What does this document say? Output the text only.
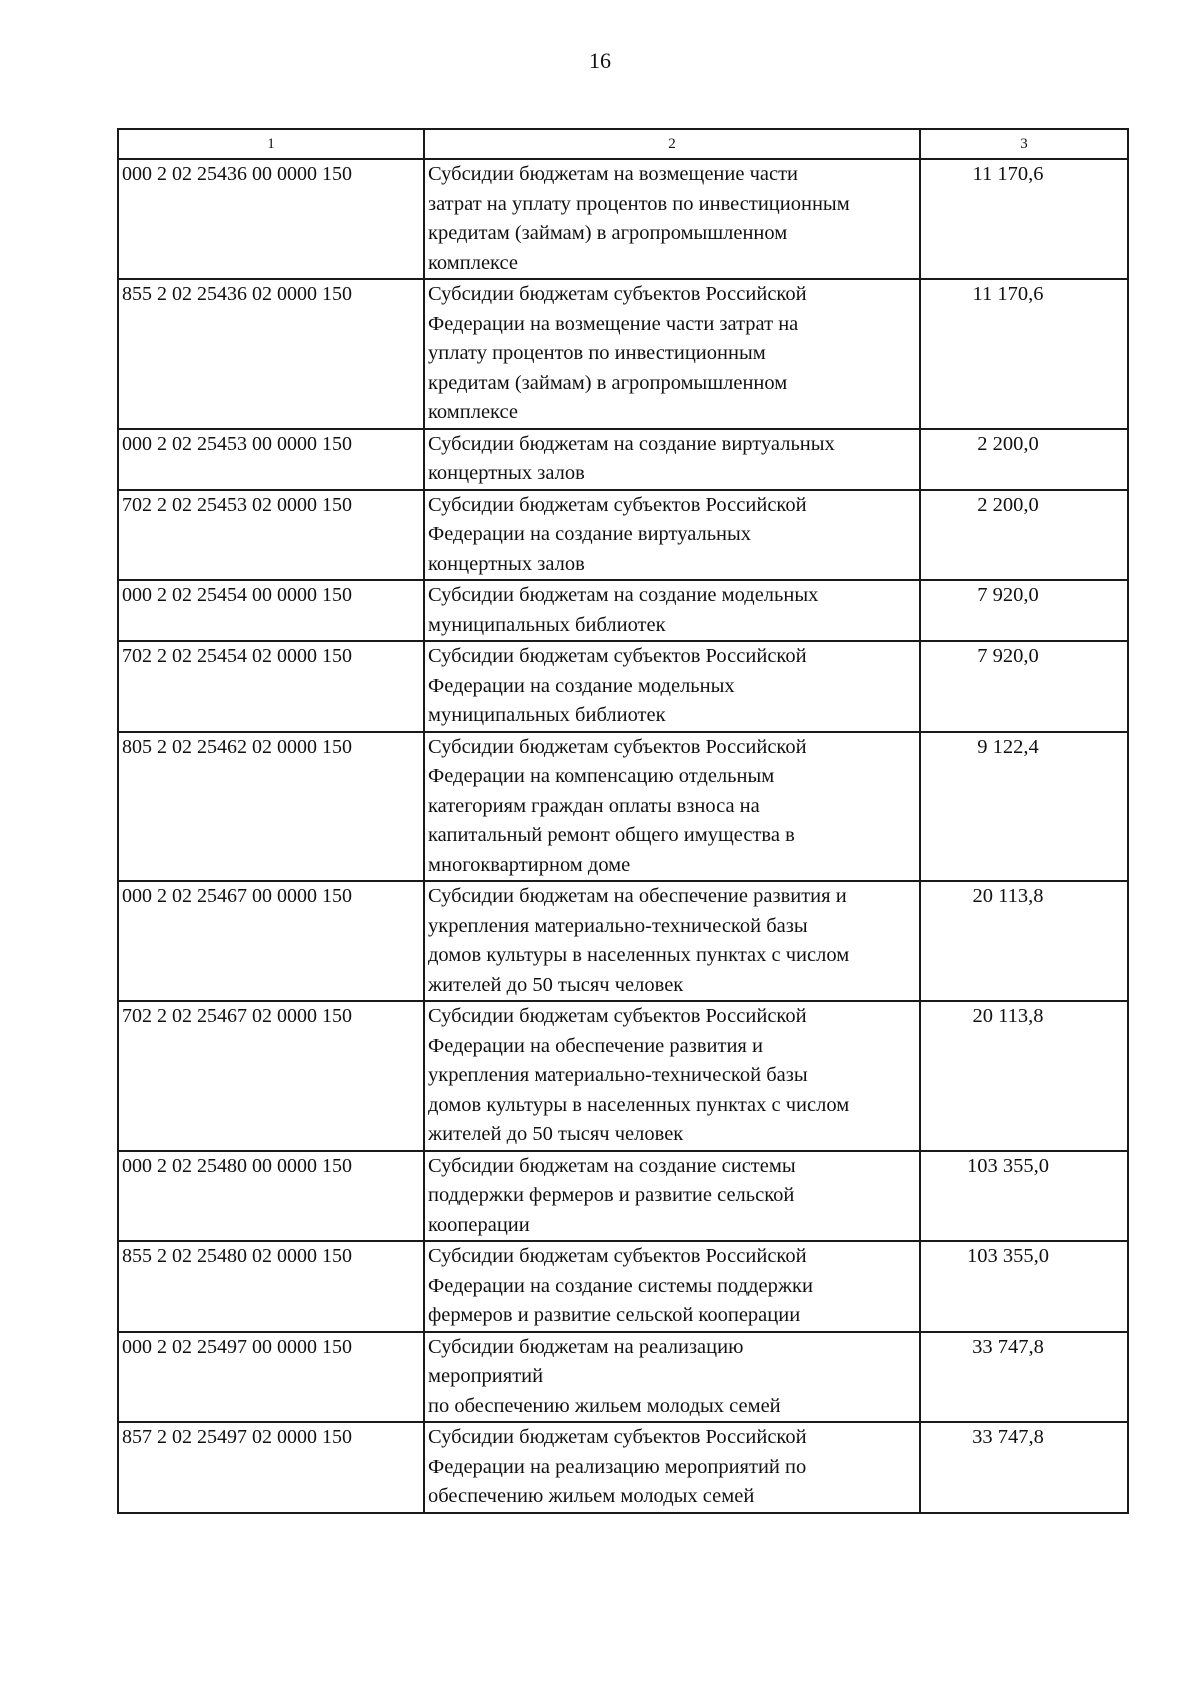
16
1	2	3
000 2 02 25436 00 0000 150	Субсидии бюджетам на возмещение части
затрат на уплату процентов по инвестиционным
кредитам (займам) в агропромышленном
комплексе	11 170,6
855 2 02 25436 02 0000 150	Субсидии бюджетам субъектов Российской
Федерации на возмещение части затрат на
уплату процентов по инвестиционным
кредитам (займам) в агропромышленном
комплексе	11 170,6
000 2 02 25453 00 0000 150	Субсидии бюджетам на создание виртуальных
концертных залов	2 200,0
702 2 02 25453 02 0000 150	Субсидии бюджетам субъектов Российской
Федерации на создание виртуальных
концертных залов	2 200,0
000 2 02 25454 00 0000 150	Субсидии бюджетам на создание модельных
муниципальных библиотек	7 920,0
702 2 02 25454 02 0000 150	Субсидии бюджетам субъектов Российской
Федерации на создание модельных
муниципальных библиотек	7 920,0
805 2 02 25462 02 0000 150	Субсидии бюджетам субъектов Российской
Федерации на компенсацию отдельным
категориям граждан оплаты взноса на
капитальный ремонт общего имущества в
многоквартирном доме	9 122,4
000 2 02 25467 00 0000 150	Субсидии бюджетам на обеспечение развития и
укрепления материально-технической базы
домов культуры в населенных пунктах с числом
жителей до 50 тысяч человек	20 113,8
702 2 02 25467 02 0000 150	Субсидии бюджетам субъектов Российской
Федерации на обеспечение развития и
укрепления материально-технической базы
домов культуры в населенных пунктах с числом
жителей до 50 тысяч человек	20 113,8
000 2 02 25480 00 0000 150	Субсидии бюджетам на создание системы
поддержки фермеров и развитие сельской
кооперации	103 355,0
855 2 02 25480 02 0000 150	Субсидии бюджетам субъектов Российской
Федерации на создание системы поддержки
фермеров и развитие сельской кооперации	103 355,0
000 2 02 25497 00 0000 150	Субсидии бюджетам на реализацию
мероприятий
по обеспечению жильем молодых семей	33 747,8
857 2 02 25497 02 0000 150	Субсидии бюджетам субъектов Российской
Федерации на реализацию мероприятий по
обеспечению жильем молодых семей	33 747,8
